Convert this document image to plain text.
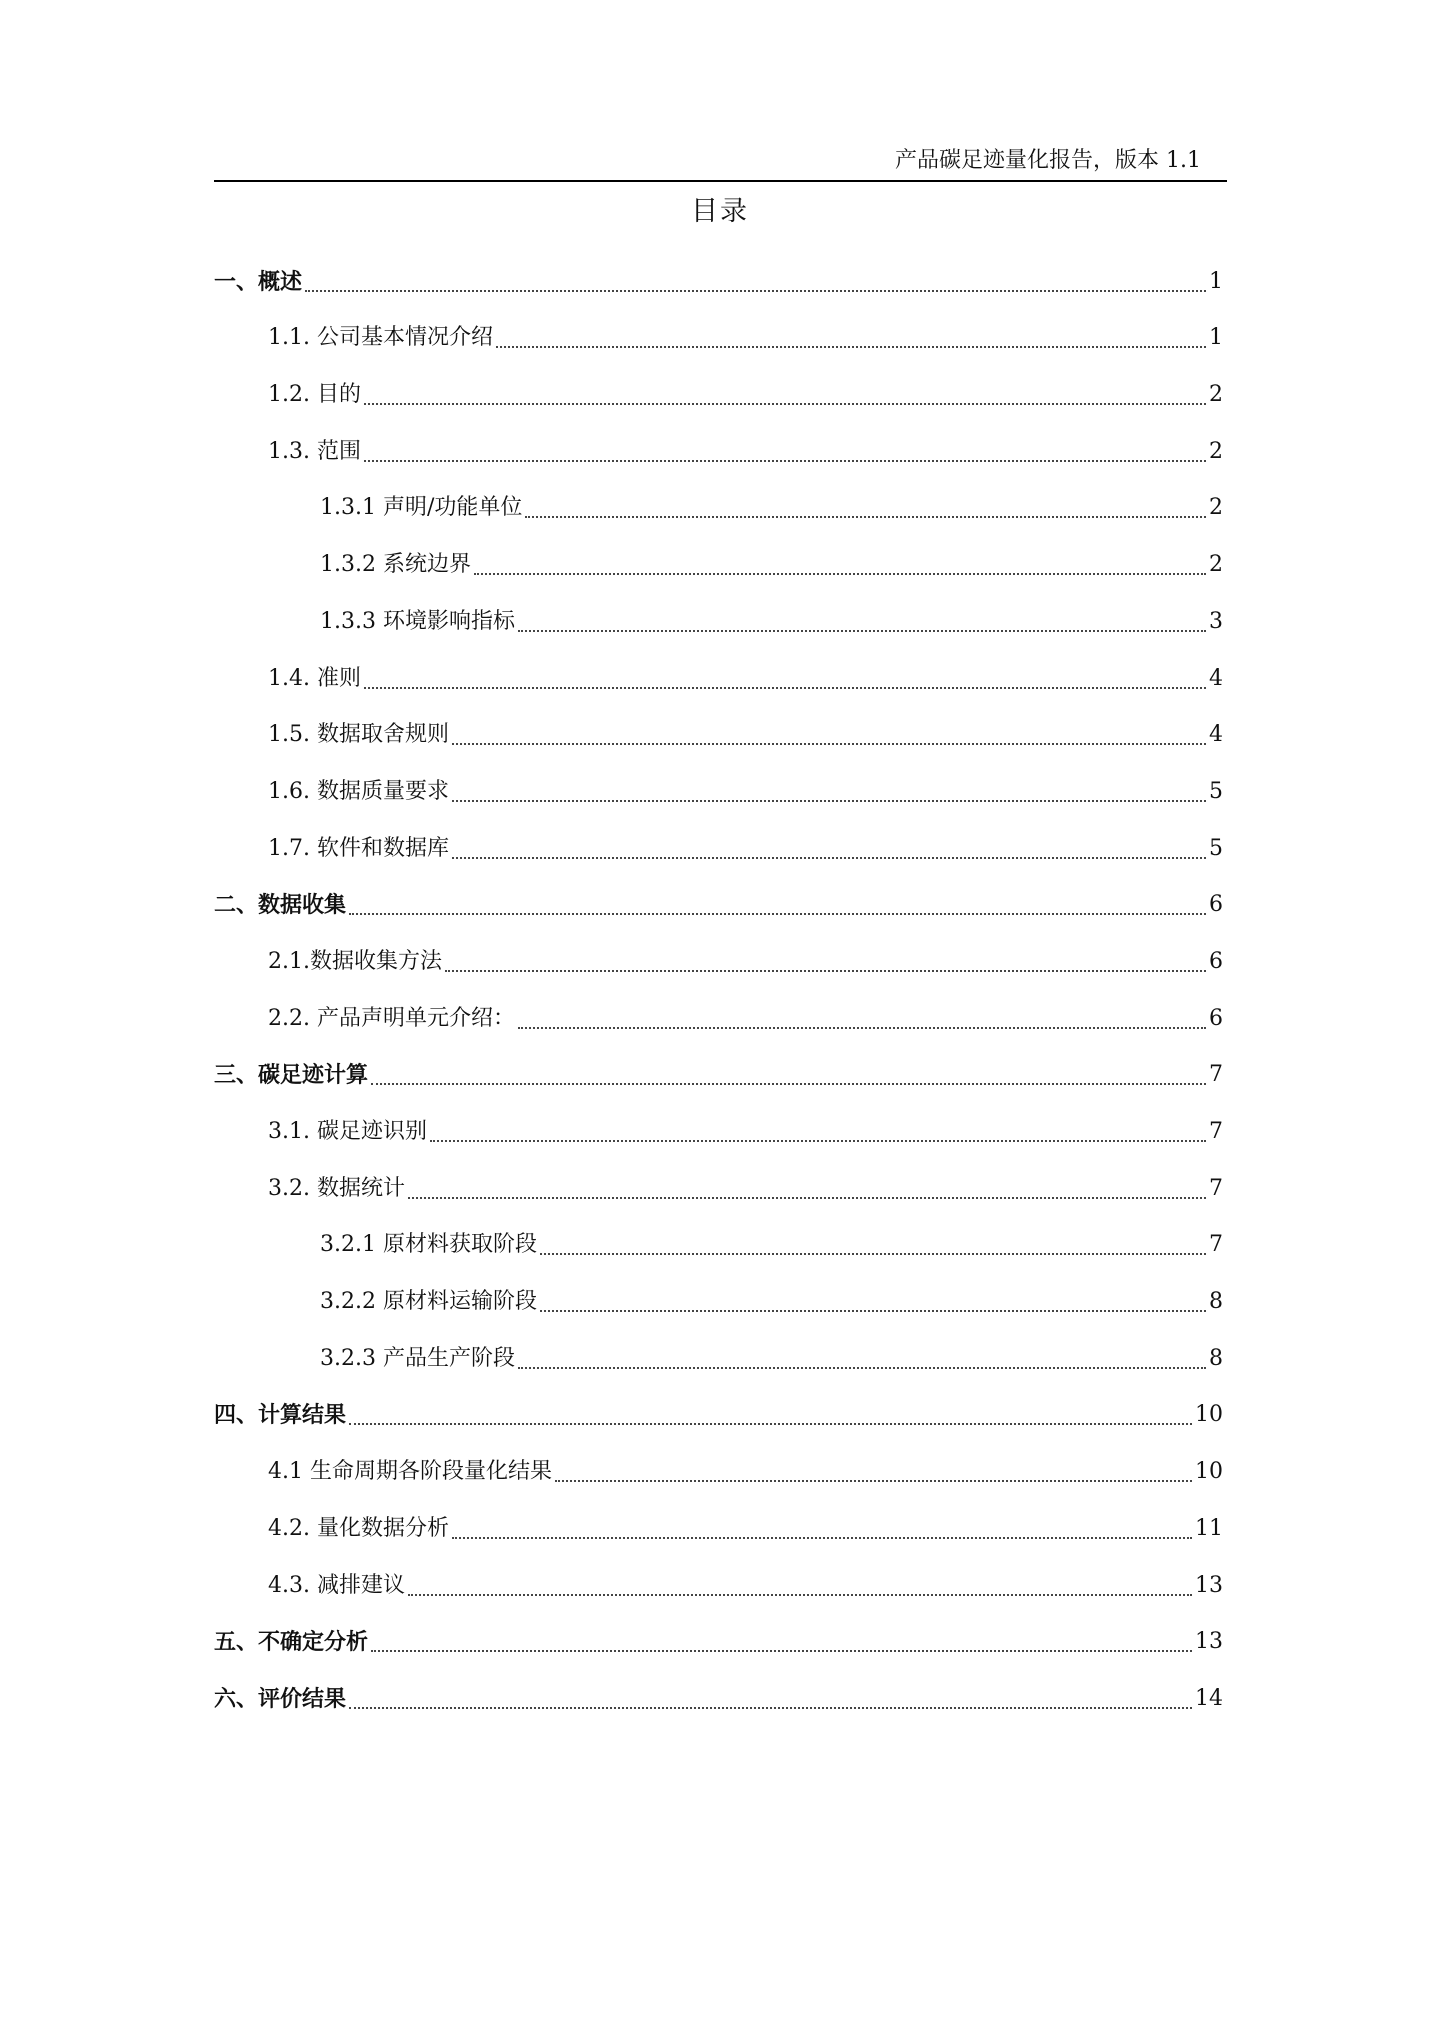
产品碳足迹量化报告，版本 1.1
目录
一、概述	1
1.1. 公司基本情况介绍	1
1.2. 目的	2
1.3. 范围	2
1.3.1 声明/功能单位	2
1.3.2 系统边界	2
1.3.3 环境影响指标	3
1.4. 准则	4
1.5. 数据取舍规则	4
1.6. 数据质量要求	5
1.7. 软件和数据库	5
二、数据收集	6
2.1.数据收集方法	6
2.2. 产品声明单元介绍：	6
三、碳足迹计算	7
3.1. 碳足迹识别	7
3.2. 数据统计	7
3.2.1 原材料获取阶段	7
3.2.2 原材料运输阶段	8
3.2.3 产品生产阶段	8
四、计算结果	10
4.1 生命周期各阶段量化结果	10
4.2. 量化数据分析	11
4.3. 减排建议	13
五、不确定分析	13
六、评价结果	14
